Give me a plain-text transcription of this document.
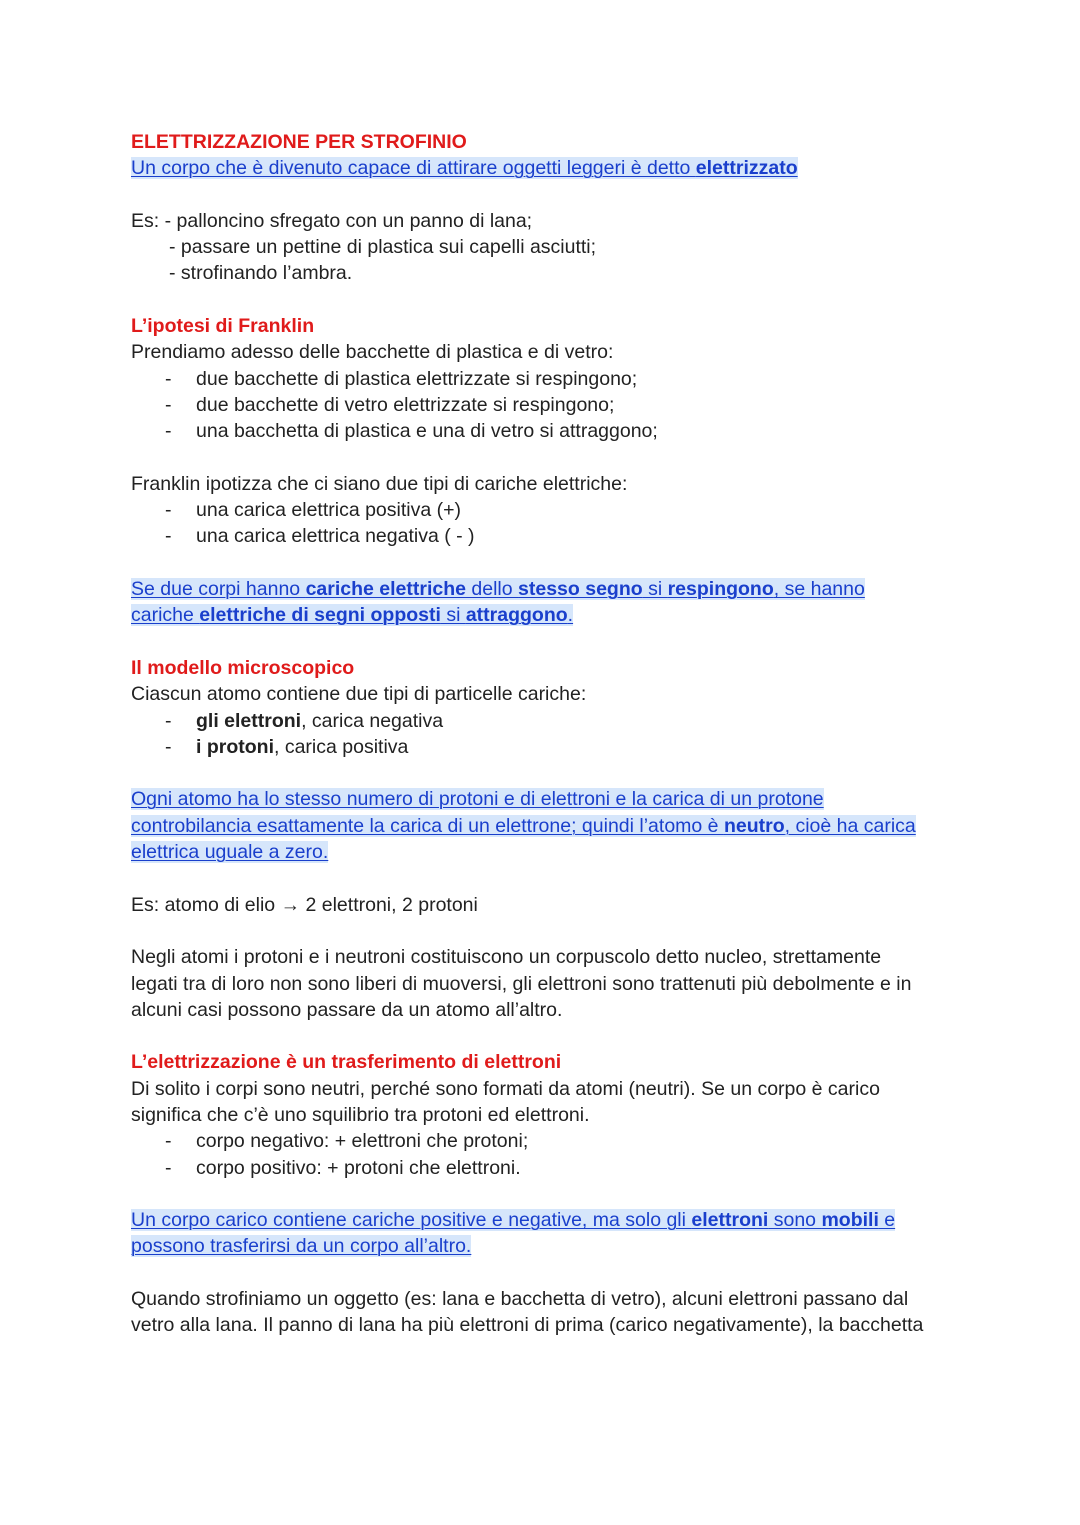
ELETTRIZZAZIONE PER STROFINIO
Un corpo che è divenuto capace di attirare oggetti leggeri è detto elettrizzato
Es: - palloncino sfregato con un panno di lana;
- passare un pettine di plastica sui capelli asciutti;
- strofinando l’ambra.
L’ipotesi di Franklin
Prendiamo adesso delle bacchette di plastica e di vetro:
- due bacchette di plastica elettrizzate si respingono;
- due bacchette di vetro elettrizzate si respingono;
- una bacchetta di plastica e una di vetro si attraggono;
Franklin ipotizza che ci siano due tipi di cariche elettriche:
- una carica elettrica positiva (+)
- una carica elettrica negativa ( - )
Se due corpi hanno cariche elettriche dello stesso segno si respingono, se hanno
cariche elettriche di segni opposti si attraggono.
Il modello microscopico
Ciascun atomo contiene due tipi di particelle cariche:
- gli elettroni, carica negativa
- i protoni, carica positiva
Ogni atomo ha lo stesso numero di protoni e di elettroni e la carica di un protone
controbilancia esattamente la carica di un elettrone; quindi l’atomo è neutro, cioè ha carica
elettrica uguale a zero.
Es: atomo di elio → 2 elettroni, 2 protoni
Negli atomi i protoni e i neutroni costituiscono un corpuscolo detto nucleo, strettamente
legati tra di loro non sono liberi di muoversi, gli elettroni sono trattenuti più debolmente e in
alcuni casi possono passare da un atomo all’altro.
L’elettrizzazione è un trasferimento di elettroni
Di solito i corpi sono neutri, perché sono formati da atomi (neutri). Se un corpo è carico
significa che c’è uno squilibrio tra protoni ed elettroni.
- corpo negativo: + elettroni che protoni;
- corpo positivo: + protoni che elettroni.
Un corpo carico contiene cariche positive e negative, ma solo gli elettroni sono mobili e
possono trasferirsi da un corpo all’altro.
Quando strofiniamo un oggetto (es: lana e bacchetta di vetro), alcuni elettroni passano dal
vetro alla lana. Il panno di lana ha più elettroni di prima (carico negativamente), la bacchetta
